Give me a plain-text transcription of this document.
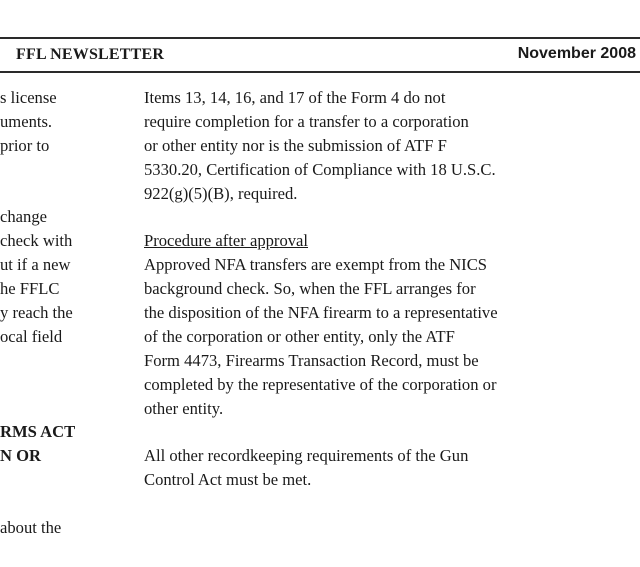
FFL NEWSLETTER	November 2008
s license
uments.
prior to
change
check with
ut if a new
he FFLC
y reach the
ocal field
RMS ACT
N OR
about the
Items 13, 14, 16, and 17 of the Form 4 do not
require completion for a transfer to a corporation
or other entity nor is the submission of ATF F
5330.20, Certification of Compliance with 18 U.S.C.
922(g)(5)(B), required.
Procedure after approval
Approved NFA transfers are exempt from the NICS
background check. So, when the FFL arranges for
the disposition of the NFA firearm to a representative
of the corporation or other entity, only the ATF
Form 4473, Firearms Transaction Record, must be
completed by the representative of the corporation or
other entity.
All other recordkeeping requirements of the Gun
Control Act must be met.
